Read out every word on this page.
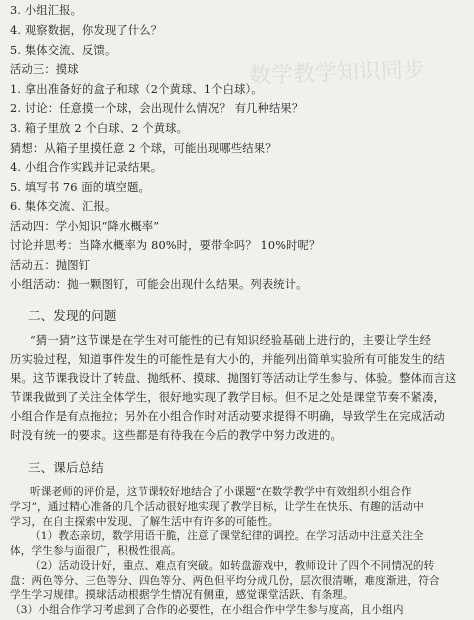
数学教学知识同步
3. 小组汇报。
4. 观察数据，你发现了什么？
5. 集体交流、反馈。
活动三：摸球
1. 拿出准备好的盒子和球（2个黄球、1个白球）。
2. 讨论：任意摸一个球，会出现什么情况？ 有几种结果？
3. 箱子里放 2 个白球、2 个黄球。
猜想：从箱子里摸任意 2 个球，可能出现哪些结果？
4. 小组合作实践并记录结果。
5. 填写书 76 面的填空题。
6. 集体交流、汇报。
活动四：学小知识“降水概率”
讨论并思考：当降水概率为 80%时，要带伞吗？ 10%时呢？
活动五：抛图钉
小组活动：抛一颗图钉，可能会出现什么结果。列表统计。
二、发现的问题
“猜一猜”这节课是在学生对可能性的已有知识经验基础上进行的，主要让学生经
历实验过程，知道事件发生的可能性是有大小的，并能列出简单实验所有可能发生的结
果。这节课我设计了转盘、抛纸杯、摸球、抛图钉等活动让学生参与、体验。整体而言这
节课我做到了关注全体学生，很好地实现了教学目标。但不足之处是课堂节奏不紧凑，
小组合作是有点拖拉；另外在小组合作时对活动要求提得不明确，导致学生在完成活动
时没有统一的要求。这些都是有待我在今后的教学中努力改进的。
三、课后总结
听课老师的评价是，这节课较好地结合了小课题“在数学教学中有效组织小组合作
学习”，通过精心准备的几个活动很好地实现了教学目标，让学生在快乐、有趣的活动中
学习，在自主探索中发现、了解生活中有许多的可能性。
（1）教态亲切，数学用语干脆，注意了课堂纪律的调控。在学习活动中注意关注全
体，学生参与面很广，积极性很高。
（2）活动设计好，重点、难点有突破。如转盘游戏中，教师设计了四个不同情况的转
盘：两色等分、三色等分、四色等分、两色但平均分成几份，层次很清晰，难度渐进，符合
学生学习规律。摸球活动根据学生情况有侧重，感觉课堂活跃、有条理。
（3）小组合作学习考虑到了合作的必要性，在小组合作中学生参与度高，且小组内
